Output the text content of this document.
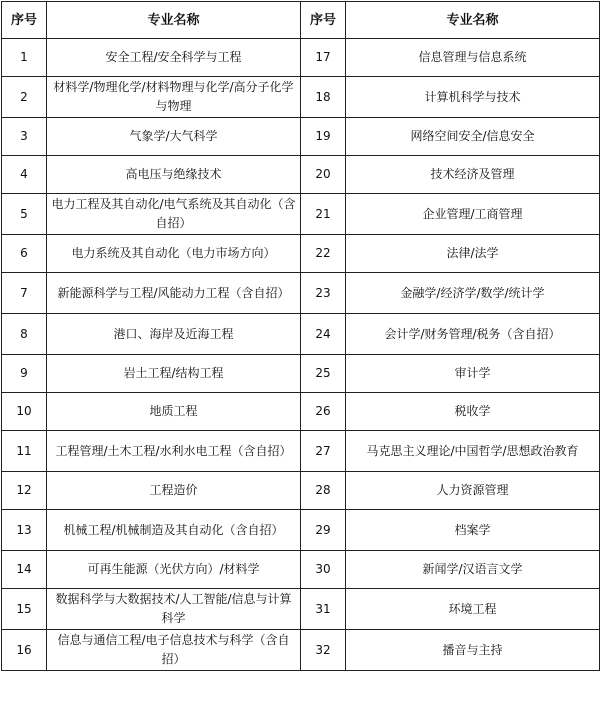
序号	专业名称	序号	专业名称
1	安全工程/安全科学与工程	17	信息管理与信息系统
2	材料学/物理化学/材料物理与化学/高分子化学与物理	18	计算机科学与技术
3	气象学/大气科学	19	网络空间安全/信息安全
4	高电压与绝缘技术	20	技术经济及管理
5	电力工程及其自动化/电气系统及其自动化（含自招）	21	企业管理/工商管理
6	电力系统及其自动化（电力市场方向）	22	法律/法学
7	新能源科学与工程/风能动力工程（含自招）	23	金融学/经济学/数学/统计学
8	港口、海岸及近海工程	24	会计学/财务管理/税务（含自招）
9	岩土工程/结构工程	25	审计学
10	地质工程	26	税收学
11	工程管理/土木工程/水利水电工程（含自招）	27	马克思主义理论/中国哲学/思想政治教育
12	工程造价	28	人力资源管理
13	机械工程/机械制造及其自动化（含自招）	29	档案学
14	可再生能源（光伏方向）/材料学	30	新闻学/汉语言文学
15	数据科学与大数据技术/人工智能/信息与计算科学	31	环境工程
16	信息与通信工程/电子信息技术与科学（含自招）	32	播音与主持
